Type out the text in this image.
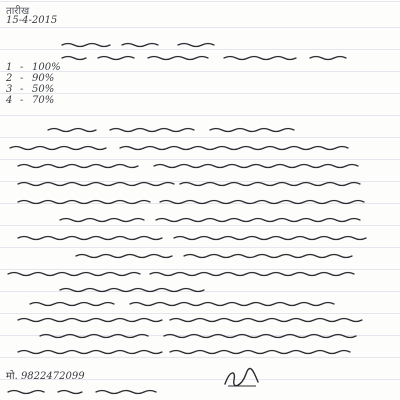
तारीख
15-4-2015
1 - 100%
2 - 90%
3 - 50%
4 - 70%
मो. 9822472099
